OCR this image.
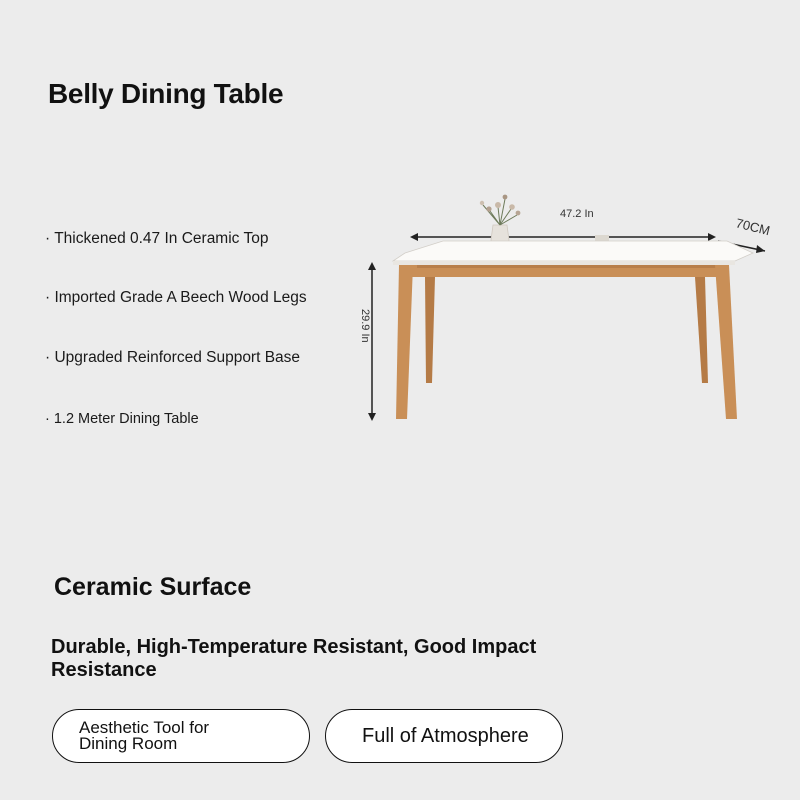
Belly Dining Table
· Thickened 0.47 In Ceramic Top
· Imported Grade A Beech Wood Legs
· Upgraded Reinforced Support Base
· 1.2 Meter Dining Table
47.2 In
70CM
29.9 In
Ceramic Surface

Durable, High-Temperature Resistant, Good Impact Resistance

Aesthetic Tool for Dining Room	Full of Atmosphere
